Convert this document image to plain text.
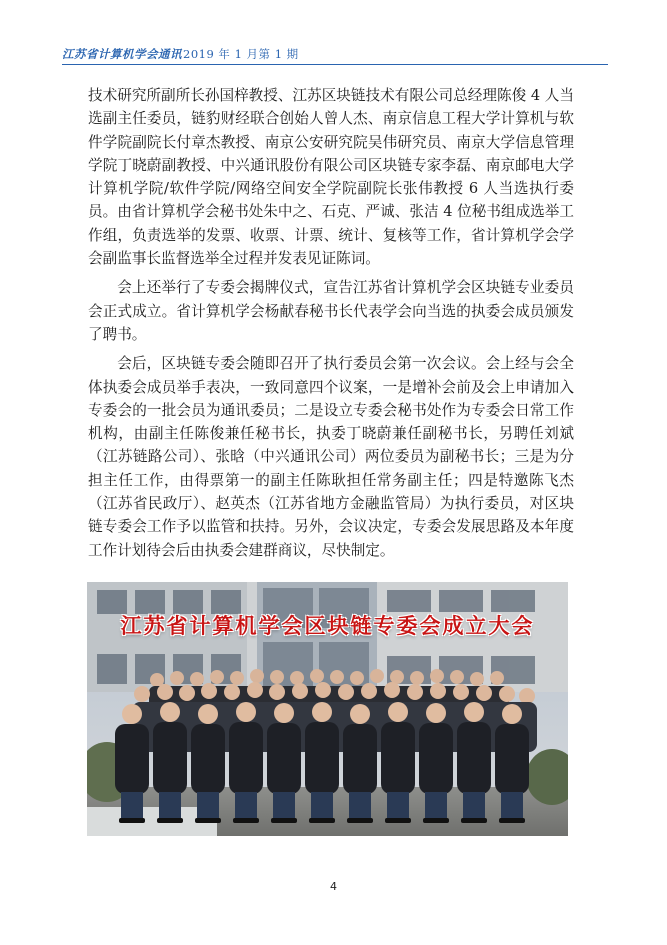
江苏省计算机学会通讯2019 年 1 月第 1 期

技术研究所副所长孙国梓教授、江苏区块链技术有限公司总经理陈俊 4 人当选副主任委员，链豹财经联合创始人曾人杰、南京信息工程大学计算机与软件学院副院长付章杰教授、南京公安研究院吴伟研究员、南京大学信息管理学院丁晓蔚副教授、中兴通讯股份有限公司区块链专家李磊、南京邮电大学计算机学院/软件学院/网络空间安全学院副院长张伟教授 6 人当选执行委员。由省计算机学会秘书处朱中之、石克、严诚、张洁 4 位秘书组成选举工作组，负责选举的发票、收票、计票、统计、复核等工作，省计算机学会学会副监事长监督选举全过程并发表见证陈词。

会上还举行了专委会揭牌仪式，宣告江苏省计算机学会区块链专业委员会正式成立。省计算机学会杨献春秘书长代表学会向当选的执委会成员颁发了聘书。

会后，区块链专委会随即召开了执行委员会第一次会议。会上经与会全体执委会成员举手表决，一致同意四个议案，一是增补会前及会上申请加入专委会的一批会员为通讯委员；二是设立专委会秘书处作为专委会日常工作机构，由副主任陈俊兼任秘书长，执委丁晓蔚兼任副秘书长，另聘任刘斌（江苏链路公司）、张晗（中兴通讯公司）两位委员为副秘书长；三是为分担主任工作，由得票第一的副主任陈耿担任常务副主任；四是特邀陈飞杰（江苏省民政厅）、赵英杰（江苏省地方金融监管局）为执行委员，对区块链专委会工作予以监管和扶持。另外，会议决定，专委会发展思路及本年度工作计划待会后由执委会建群商议，尽快制定。

江苏省计算机学会区块链专委会成立大会
4
